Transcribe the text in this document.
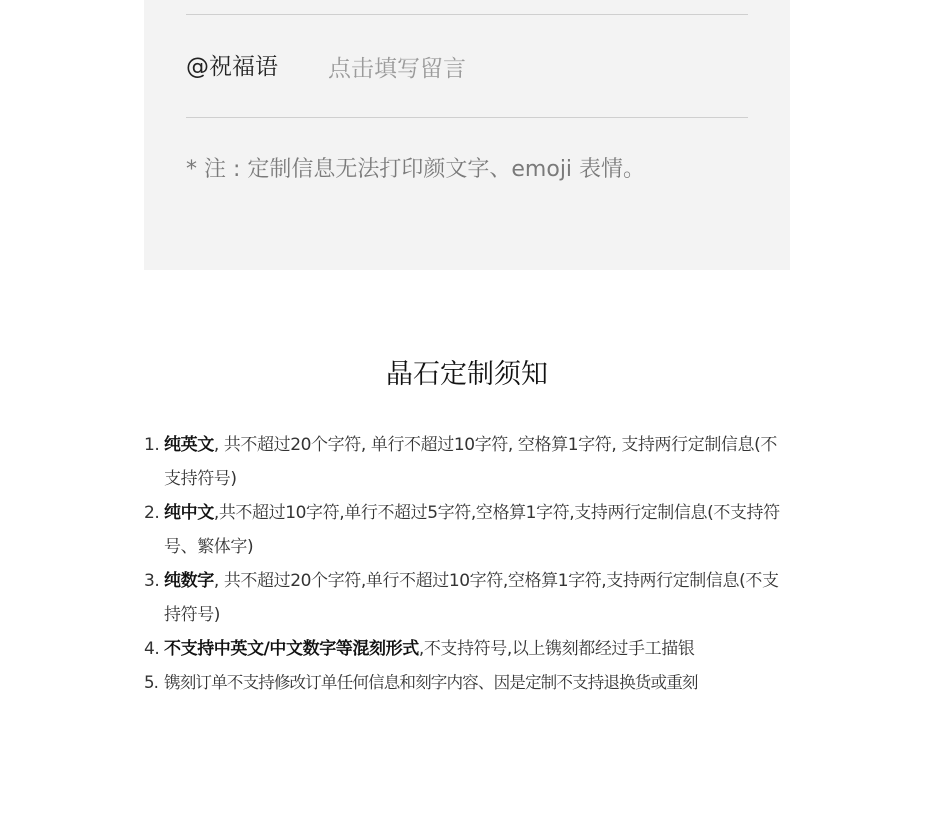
@祝福语
点击填写留言
* 注 : 定制信息无法打印颜文字、emoji 表情。
晶石定制须知
1. 纯英文, 共不超过20个字符, 单行不超过10字符, 空格算1字符, 支持两行定制信息(不支持符号)
2. 纯中文,共不超过10字符,单行不超过5字符,空格算1字符,支持两行定制信息(不支持符号、繁体字)
3. 纯数字, 共不超过20个字符,单行不超过10字符,空格算1字符,支持两行定制信息(不支持符号)
4. 不支持中英文/中文数字等混刻形式,不支持符号,以上镌刻都经过手工描银
5. 镌刻订单不支持修改订单任何信息和刻字内容、因是定制不支持退换货或重刻
